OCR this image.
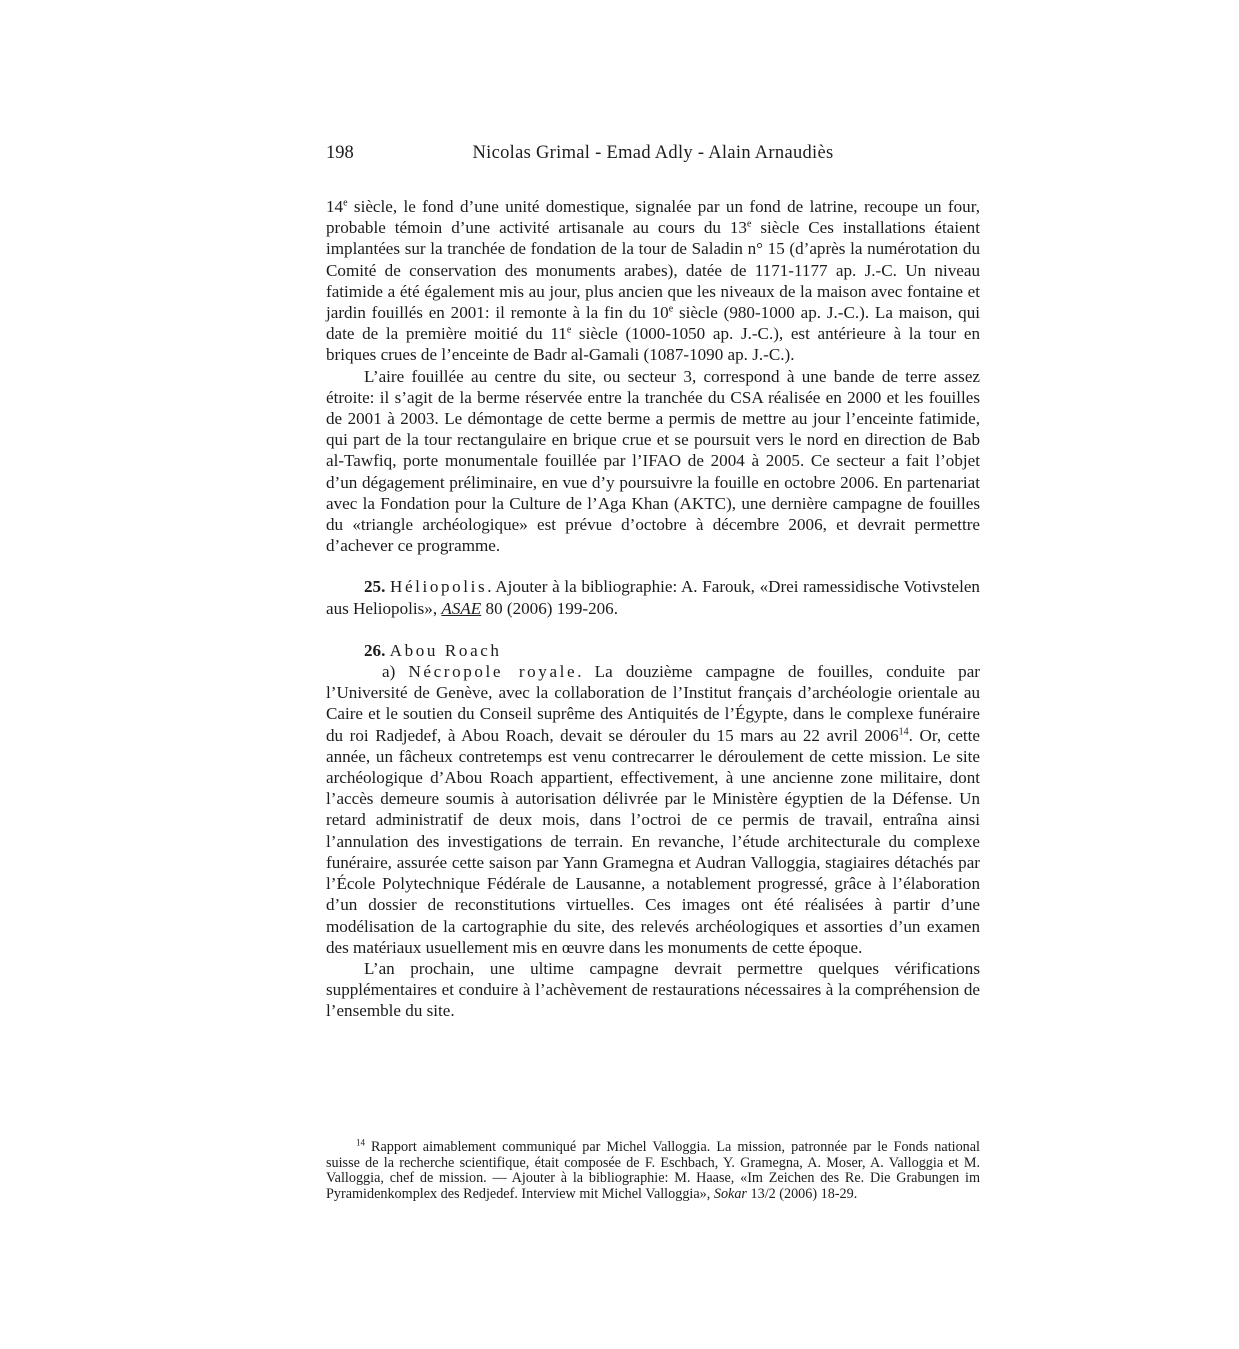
198	Nicolas Grimal - Emad Adly - Alain Arnaudiès

14e siècle, le fond d’une unité domestique, signalée par un fond de latrine, recoupe un four, probable témoin d’une activité artisanale au cours du 13e siècle Ces installations étaient implantées sur la tranchée de fondation de la tour de Saladin n° 15 (d’après la numérotation du Comité de conservation des monuments arabes), datée de 1171-1177 ap. J.-C. Un niveau fatimide a été également mis au jour, plus ancien que les niveaux de la maison avec fontaine et jardin fouillés en 2001: il remonte à la fin du 10e siècle (980-1000 ap. J.-C.). La maison, qui date de la première moitié du 11e siècle (1000-1050 ap. J.-C.), est antérieure à la tour en briques crues de l’enceinte de Badr al-Gamali (1087-1090 ap. J.-C.).

L’aire fouillée au centre du site, ou secteur 3, correspond à une bande de terre assez étroite: il s’agit de la berme réservée entre la tranchée du CSA réalisée en 2000 et les fouilles de 2001 à 2003. Le démontage de cette berme a permis de mettre au jour l’enceinte fatimide, qui part de la tour rectangulaire en brique crue et se poursuit vers le nord en direction de Bab al-Tawfiq, porte monumentale fouillée par l’IFAO de 2004 à 2005. Ce secteur a fait l’objet d’un dégagement préliminaire, en vue d’y poursuivre la fouille en octobre 2006. En partenariat avec la Fondation pour la Culture de l’Aga Khan (AKTC), une dernière campagne de fouilles du «triangle archéologique» est prévue d’octobre à décembre 2006, et devrait permettre d’achever ce programme.

25. Héliopolis. Ajouter à la bibliographie: A. Farouk, «Drei ramessidische Votivstelen aus Heliopolis», ASAE 80 (2006) 199-206.

26. Abou Roach

a) Nécropole royale. La douzième campagne de fouilles, conduite par l’Université de Genève, avec la collaboration de l’Institut français d’archéologie orientale au Caire et le soutien du Conseil suprême des Antiquités de l’Égypte, dans le complexe funéraire du roi Radjedef, à Abou Roach, devait se dérouler du 15 mars au 22 avril 2006$^{14}$. Or, cette année, un fâcheux contretemps est venu contrecarrer le déroulement de cette mission. Le site archéologique d’Abou Roach appartient, effectivement, à une ancienne zone militaire, dont l’accès demeure soumis à autorisation délivrée par le Ministère égyptien de la Défense. Un retard administratif de deux mois, dans l’octroi de ce permis de travail, entraîna ainsi l’annulation des investigations de terrain. En revanche, l’étude architecturale du complexe funéraire, assurée cette saison par Yann Gramegna et Audran Valloggia, stagiaires détachés par l’École Polytechnique Fédérale de Lausanne, a notablement progressé, grâce à l’élaboration d’un dossier de reconstitutions virtuelles. Ces images ont été réalisées à partir d’une modélisation de la cartographie du site, des relevés archéologiques et assorties d’un examen des matériaux usuellement mis en œuvre dans les monuments de cette époque.

L’an prochain, une ultime campagne devrait permettre quelques vérifications supplémentaires et conduire à l’achèvement de restaurations nécessaires à la compréhension de l’ensemble du site.

$^{14}$ Rapport aimablement communiqué par Michel Valloggia. La mission, patronnée par le Fonds national suisse de la recherche scientifique, était composée de F. Eschbach, Y. Gramegna, A. Moser, A. Valloggia et M. Valloggia, chef de mission. — Ajouter à la bibliographie: M. Haase, «Im Zeichen des Re. Die Grabungen im Pyramidenkomplex des Redjedef. Interview mit Michel Valloggia», Sokar 13/2 (2006) 18-29.
